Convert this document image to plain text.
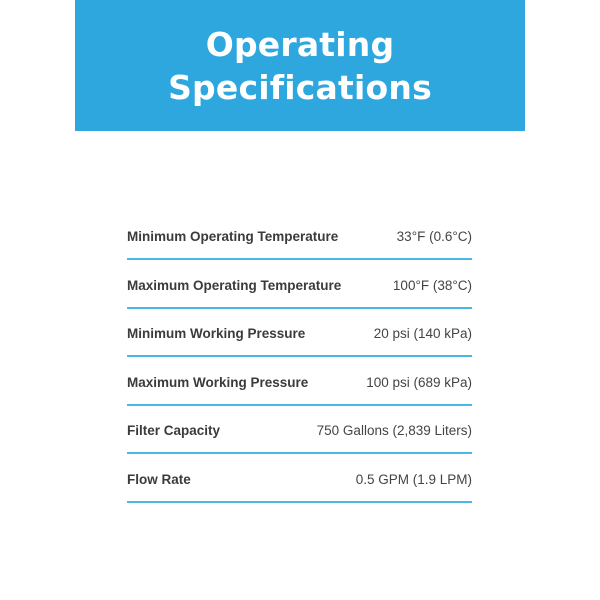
Operating
Specifications
Minimum Operating Temperature	33°F (0.6°C)
Maximum Operating Temperature	100°F (38°C)
Minimum Working Pressure	20 psi (140 kPa)
Maximum Working Pressure	100 psi (689 kPa)
Filter Capacity	750 Gallons (2,839 Liters)
Flow Rate	0.5 GPM (1.9 LPM)
